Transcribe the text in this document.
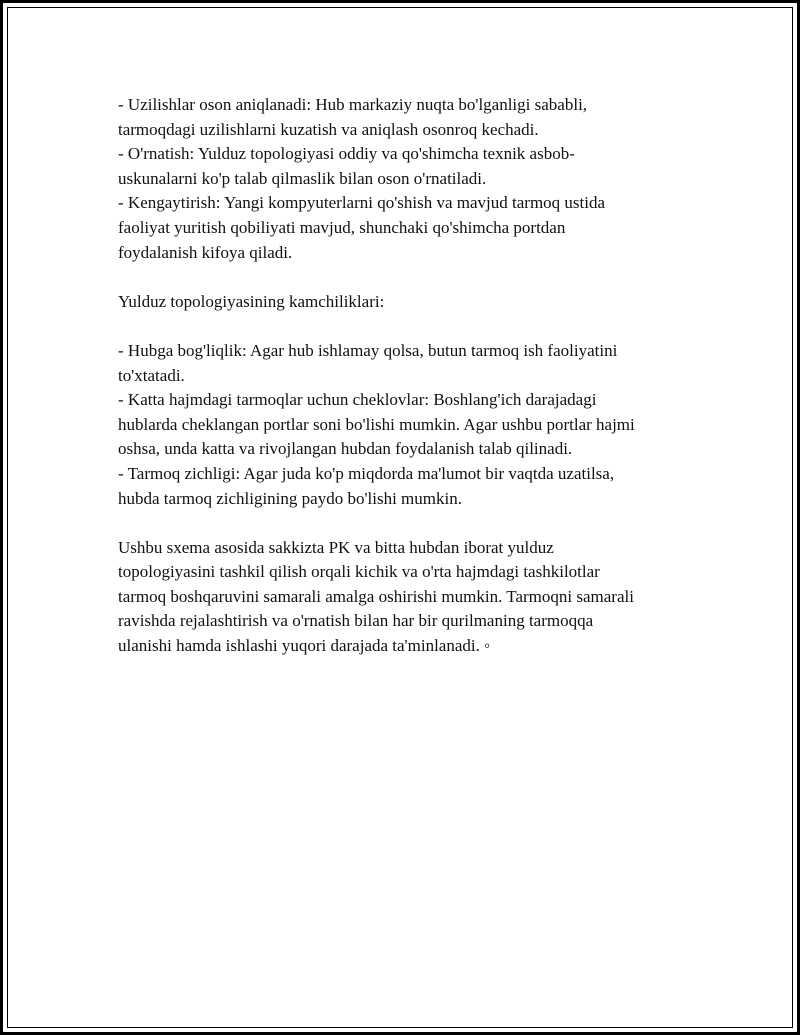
- Uzilishlar oson aniqlanadi: Hub markaziy nuqta bo'lganligi sababli,
tarmoqdagi uzilishlarni kuzatish va aniqlash osonroq kechadi.
- O'rnatish: Yulduz topologiyasi oddiy va qo'shimcha texnik asbob-
uskunalarni ko'p talab qilmaslik bilan oson o'rnatiladi.
- Kengaytirish: Yangi kompyuterlarni qo'shish va mavjud tarmoq ustida
faoliyat yuritish qobiliyati mavjud, shunchaki qo'shimcha portdan
foydalanish kifoya qiladi.
Yulduz topologiyasining kamchiliklari:
- Hubga bog'liqlik: Agar hub ishlamay qolsa, butun tarmoq ish faoliyatini
to'xtatadi.
- Katta hajmdagi tarmoqlar uchun cheklovlar: Boshlang'ich darajadagi
hublarda cheklangan portlar soni bo'lishi mumkin. Agar ushbu portlar hajmi
oshsa, unda katta va rivojlangan hubdan foydalanish talab qilinadi.
- Tarmoq zichligi: Agar juda ko'p miqdorda ma'lumot bir vaqtda uzatilsa,
hubda tarmoq zichligining paydo bo'lishi mumkin.
Ushbu sxema asosida sakkizta PK va bitta hubdan iborat yulduz
topologiyasini tashkil qilish orqali kichik va o'rta hajmdagi tashkilotlar
tarmoq boshqaruvini samarali amalga oshirishi mumkin. Tarmoqni samarali
ravishda rejalashtirish va o'rnatish bilan har bir qurilmaning tarmoqqa
ulanishi hamda ishlashi yuqori darajada ta'minlanadi. ◦
